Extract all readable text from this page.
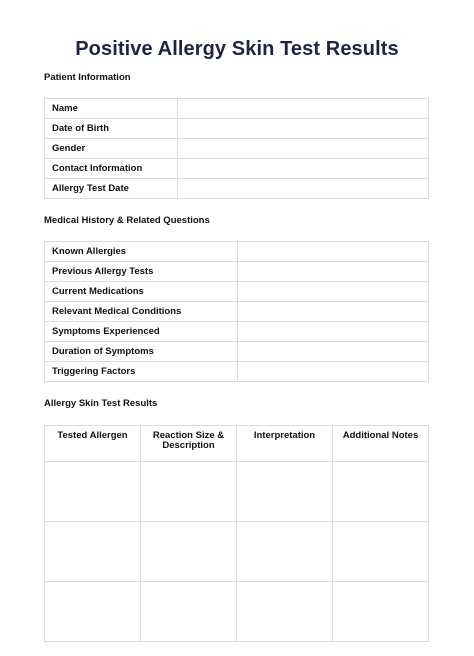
Positive Allergy Skin Test Results
Patient Information
Name	
Date of Birth	
Gender	
Contact Information	
Allergy Test Date	
Medical History & Related Questions
Known Allergies	
Previous Allergy Tests	
Current Medications	
Relevant Medical Conditions	
Symptoms Experienced	
Duration of Symptoms	
Triggering Factors	
Allergy Skin Test Results
Tested Allergen	Reaction Size & Description	Interpretation	Additional Notes
